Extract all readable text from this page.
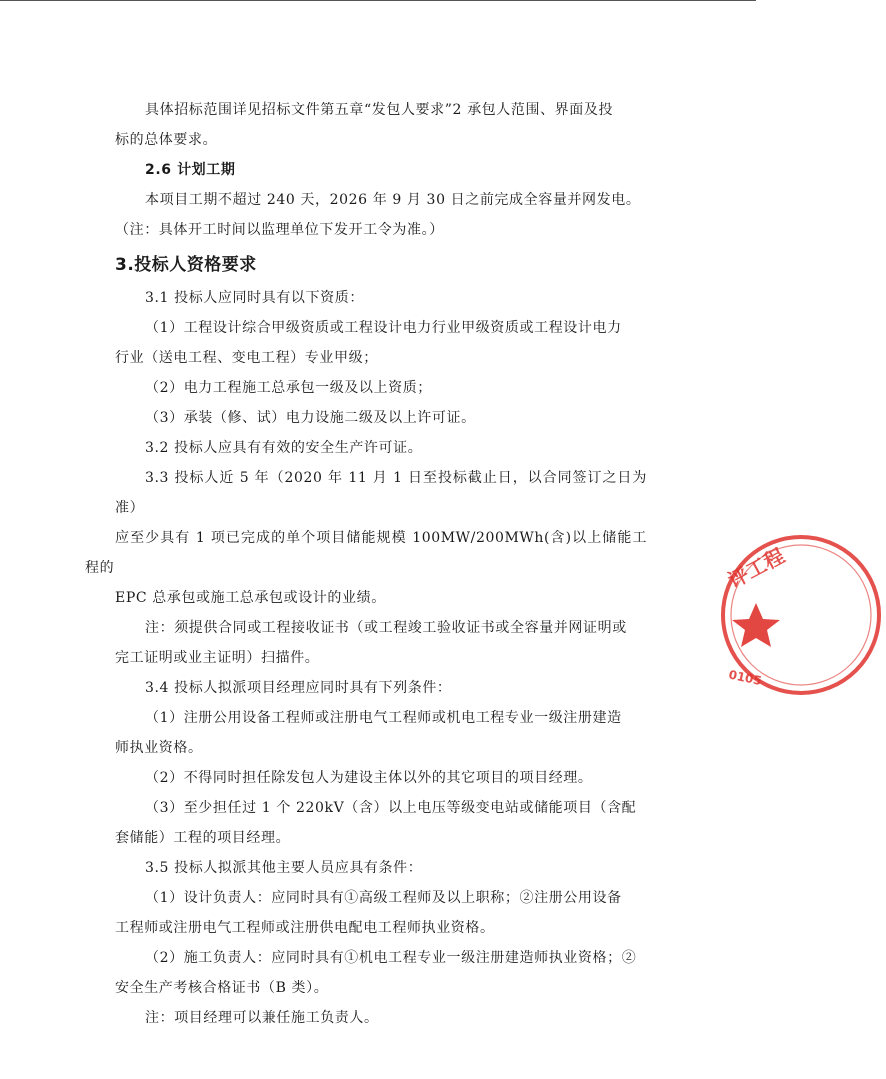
具体招标范围详见招标文件第五章“发包人要求”2 承包人范围、界面及投
标的总体要求。

2.6 计划工期

本项目工期不超过 240 天，2026 年 9 月 30 日之前完成全容量并网发电。
（注：具体开工时间以监理单位下发开工令为准。）

3.投标人资格要求

3.1 投标人应同时具有以下资质：

（1）工程设计综合甲级资质或工程设计电力行业甲级资质或工程设计电力
行业（送电工程、变电工程）专业甲级；

（2）电力工程施工总承包一级及以上资质；

（3）承装（修、试）电力设施二级及以上许可证。

3.2 投标人应具有有效的安全生产许可证。

3.3 投标人近 5 年（2020 年 11 月 1 日至投标截止日，以合同签订之日为准）
应至少具有 1 项已完成的单个项目储能规模 100MW/200MWh(含)以上储能工程的
EPC 总承包或施工总承包或设计的业绩。

注：须提供合同或工程接收证书（或工程竣工验收证书或全容量并网证明或
完工证明或业主证明）扫描件。

3.4 投标人拟派项目经理应同时具有下列条件：

（1）注册公用设备工程师或注册电气工程师或机电工程专业一级注册建造
师执业资格。

（2）不得同时担任除发包人为建设主体以外的其它项目的项目经理。

（3）至少担任过 1 个 220kV（含）以上电压等级变电站或储能项目（含配
套储能）工程的项目经理。

3.5 投标人拟派其他主要人员应具有条件：

（1）设计负责人：应同时具有①高级工程师及以上职称；②注册公用设备
工程师或注册电气工程师或注册供电配电工程师执业资格。

（2）施工负责人：应同时具有①机电工程专业一级注册建造师执业资格；②
安全生产考核合格证书（B 类）。

注：项目经理可以兼任施工负责人。

评工程
0105
